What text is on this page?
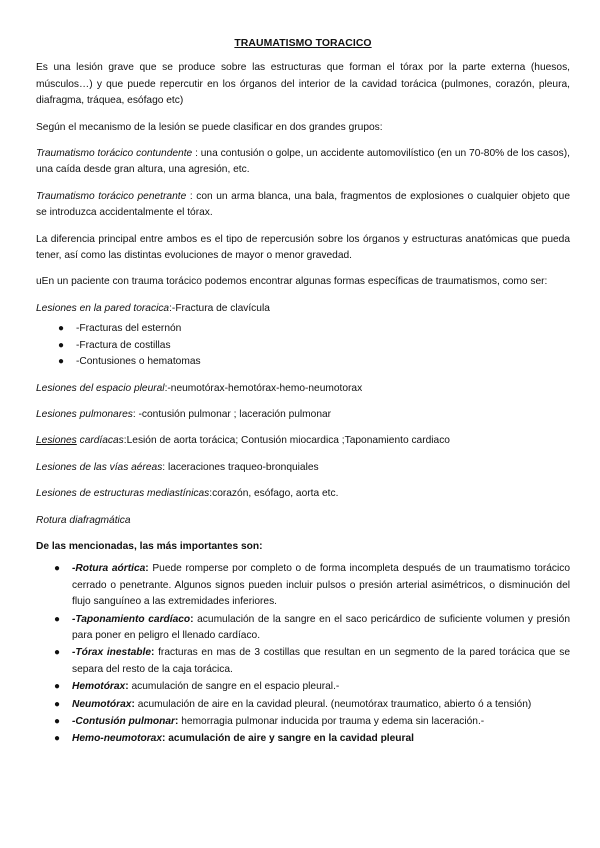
TRAUMATISMO TORACICO

Es una lesión grave que se produce sobre las estructuras que forman el tórax por la parte externa (huesos, músculos…) y que puede repercutir en los órganos del interior de la cavidad torácica (pulmones, corazón, pleura, diafragma, tráquea, esófago etc)

Según el mecanismo de la lesión se puede clasificar en dos grandes grupos:

Traumatismo torácico contundente : una contusión o golpe, un accidente automovilístico (en un 70-80% de los casos), una caída desde gran altura, una agresión, etc.

Traumatismo torácico penetrante : con un arma blanca, una bala, fragmentos de explosiones o cualquier objeto que se introduzca accidentalmente el tórax.

La diferencia principal entre ambos es el tipo de repercusión sobre los órganos y estructuras anatómicas que pueda tener, así como las distintas evoluciones de mayor o menor gravedad.

uEn un paciente con trauma torácico podemos encontrar algunas formas específicas de traumatismos, como ser:

Lesiones en la pared toracica:-Fractura de clavícula

● -Fracturas del esternón
● -Fractura de costillas
● -Contusiones o hematomas

Lesiones del espacio pleural:-neumotórax-hemotórax-hemo-neumotorax

Lesiones pulmonares: -contusión pulmonar ; laceración pulmonar

Lesiones cardíacas:Lesión de aorta torácica; Contusión miocardica ;Taponamiento cardiaco

Lesiones de las vías aéreas: laceraciones traqueo-bronquiales

Lesiones de estructuras mediastínicas:corazón, esófago, aorta etc.

Rotura diafragmática

De las mencionadas, las más importantes son:

● -Rotura aórtica: Puede romperse por completo o de forma incompleta después de un traumatismo torácico cerrado o penetrante. Algunos signos pueden incluir pulsos o presión arterial asimétricos, o disminución del flujo sanguíneo a las extremidades inferiores.
● -Taponamiento cardíaco: acumulación de la sangre en el saco pericárdico de suficiente volumen y presión para poner en peligro el llenado cardíaco.
● -Tórax inestable: fracturas en mas de 3 costillas que resultan en un segmento de la pared torácica que se separa del resto de la caja torácica.
● Hemotórax: acumulación de sangre en el espacio pleural.-
● Neumotórax: acumulación de aire en la cavidad pleural. (neumotórax traumatico, abierto ó a tensión)
● -Contusión pulmonar: hemorragia pulmonar inducida por trauma y edema sin laceración.-
● Hemo-neumotorax: acumulación de aire y sangre en la cavidad pleural
